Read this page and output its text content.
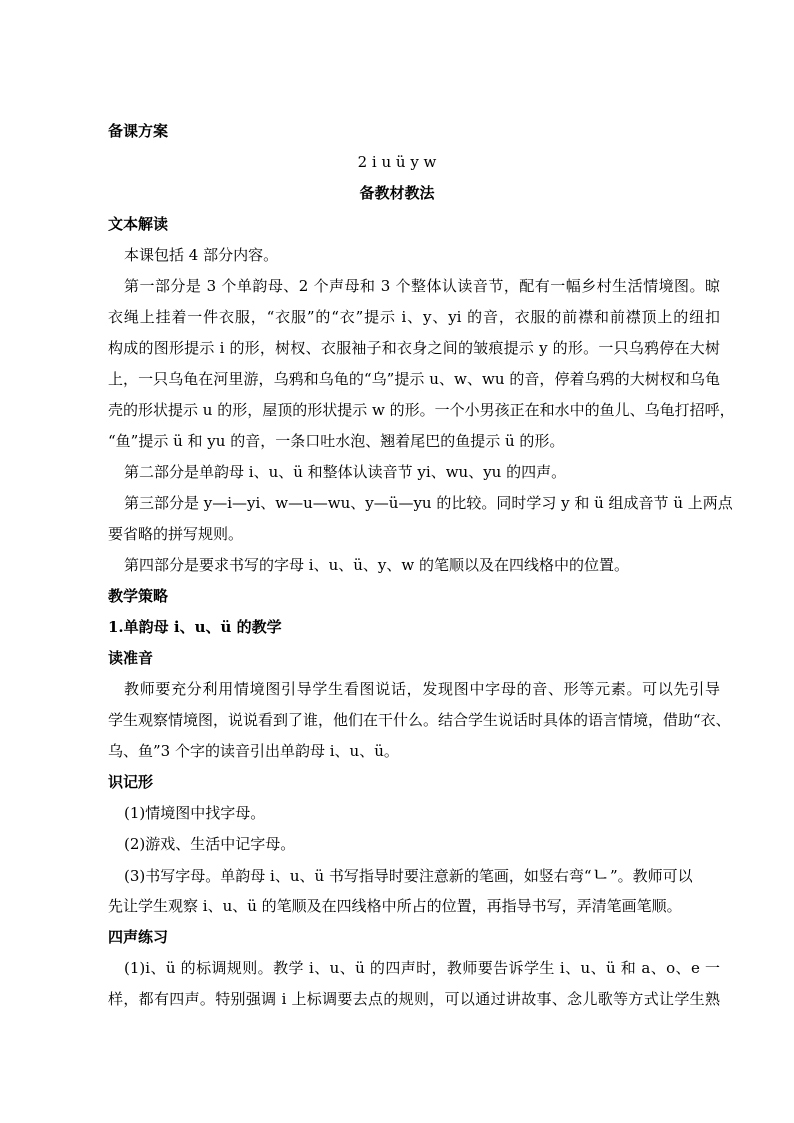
备课方案
2 i u ü y w
备教材教法
文本解读
本课包括 4 部分内容。
第一部分是 3 个单韵母、2 个声母和 3 个整体认读音节，配有一幅乡村生活情境图。晾
衣绳上挂着一件衣服，“衣服”的“衣”提示 i、y、yi 的音，衣服的前襟和前襟顶上的纽扣
构成的图形提示 i 的形，树杈、衣服袖子和衣身之间的皱痕提示 y 的形。一只乌鸦停在大树
上，一只乌龟在河里游，乌鸦和乌龟的“乌”提示 u、w、wu 的音，停着乌鸦的大树杈和乌龟
壳的形状提示 u 的形，屋顶的形状提示 w 的形。一个小男孩正在和水中的鱼儿、乌龟打招呼，
“鱼”提示 ü 和 yu 的音，一条口吐水泡、翘着尾巴的鱼提示 ü 的形。
第二部分是单韵母 i、u、ü 和整体认读音节 yi、wu、yu 的四声。
第三部分是 y—i—yi、w—u—wu、y—ü—yu 的比较。同时学习 y 和 ü 组成音节 ü 上两点
要省略的拼写规则。
第四部分是要求书写的字母 i、u、ü、y、w 的笔顺以及在四线格中的位置。
教学策略
1.单韵母 i、u、ü 的教学
读准音
教师要充分利用情境图引导学生看图说话，发现图中字母的音、形等元素。可以先引导
学生观察情境图，说说看到了谁，他们在干什么。结合学生说话时具体的语言情境，借助“衣、
乌、鱼”3 个字的读音引出单韵母 i、u、ü。
识记形
(1)情境图中找字母。
(2)游戏、生活中记字母。
(3)书写字母。单韵母 i、u、ü 书写指导时要注意新的笔画，如竖右弯“ㄴ”。教师可以
先让学生观察 i、u、ü 的笔顺及在四线格中所占的位置，再指导书写，弄清笔画笔顺。
四声练习
(1)i、ü 的标调规则。教学 i、u、ü 的四声时，教师要告诉学生 i、u、ü 和 a、o、e 一
样，都有四声。特别强调 i 上标调要去点的规则，可以通过讲故事、念儿歌等方式让学生熟
